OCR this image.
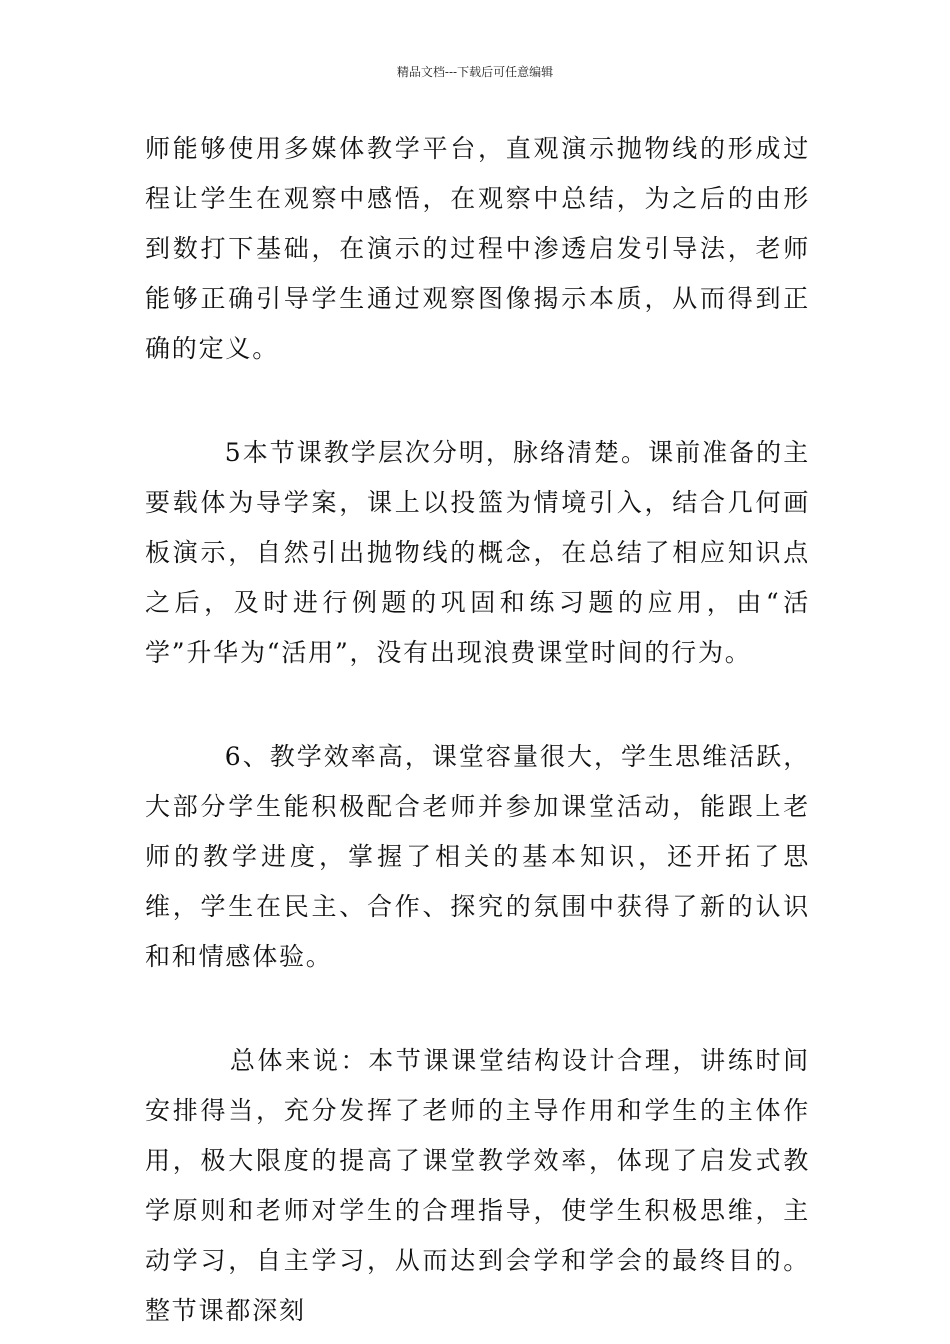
精品文档---下载后可任意编辑

师能够使用多媒体教学平台，直观演示抛物线的形成过程让学生在观察中感悟，在观察中总结，为之后的由形到数打下基础，在演示的过程中渗透启发引导法，老师能够正确引导学生通过观察图像揭示本质，从而得到正确的定义。

5本节课教学层次分明，脉络清楚。课前准备的主要载体为导学案，课上以投篮为情境引入，结合几何画板演示，自然引出抛物线的概念，在总结了相应知识点之后，及时进行例题的巩固和练习题的应用，由“活学”升华为“活用”，没有出现浪费课堂时间的行为。

6、教学效率高，课堂容量很大，学生思维活跃，大部分学生能积极配合老师并参加课堂活动，能跟上老师的教学进度，掌握了相关的基本知识，还开拓了思维，学生在民主、合作、探究的氛围中获得了新的认识和和情感体验。

总体来说：本节课课堂结构设计合理，讲练时间安排得当，充分发挥了老师的主导作用和学生的主体作用，极大限度的提高了课堂教学效率，体现了启发式教学原则和老师对学生的合理指导，使学生积极思维，主动学习，自主学习，从而达到会学和学会的最终目的。 整节课都深刻
